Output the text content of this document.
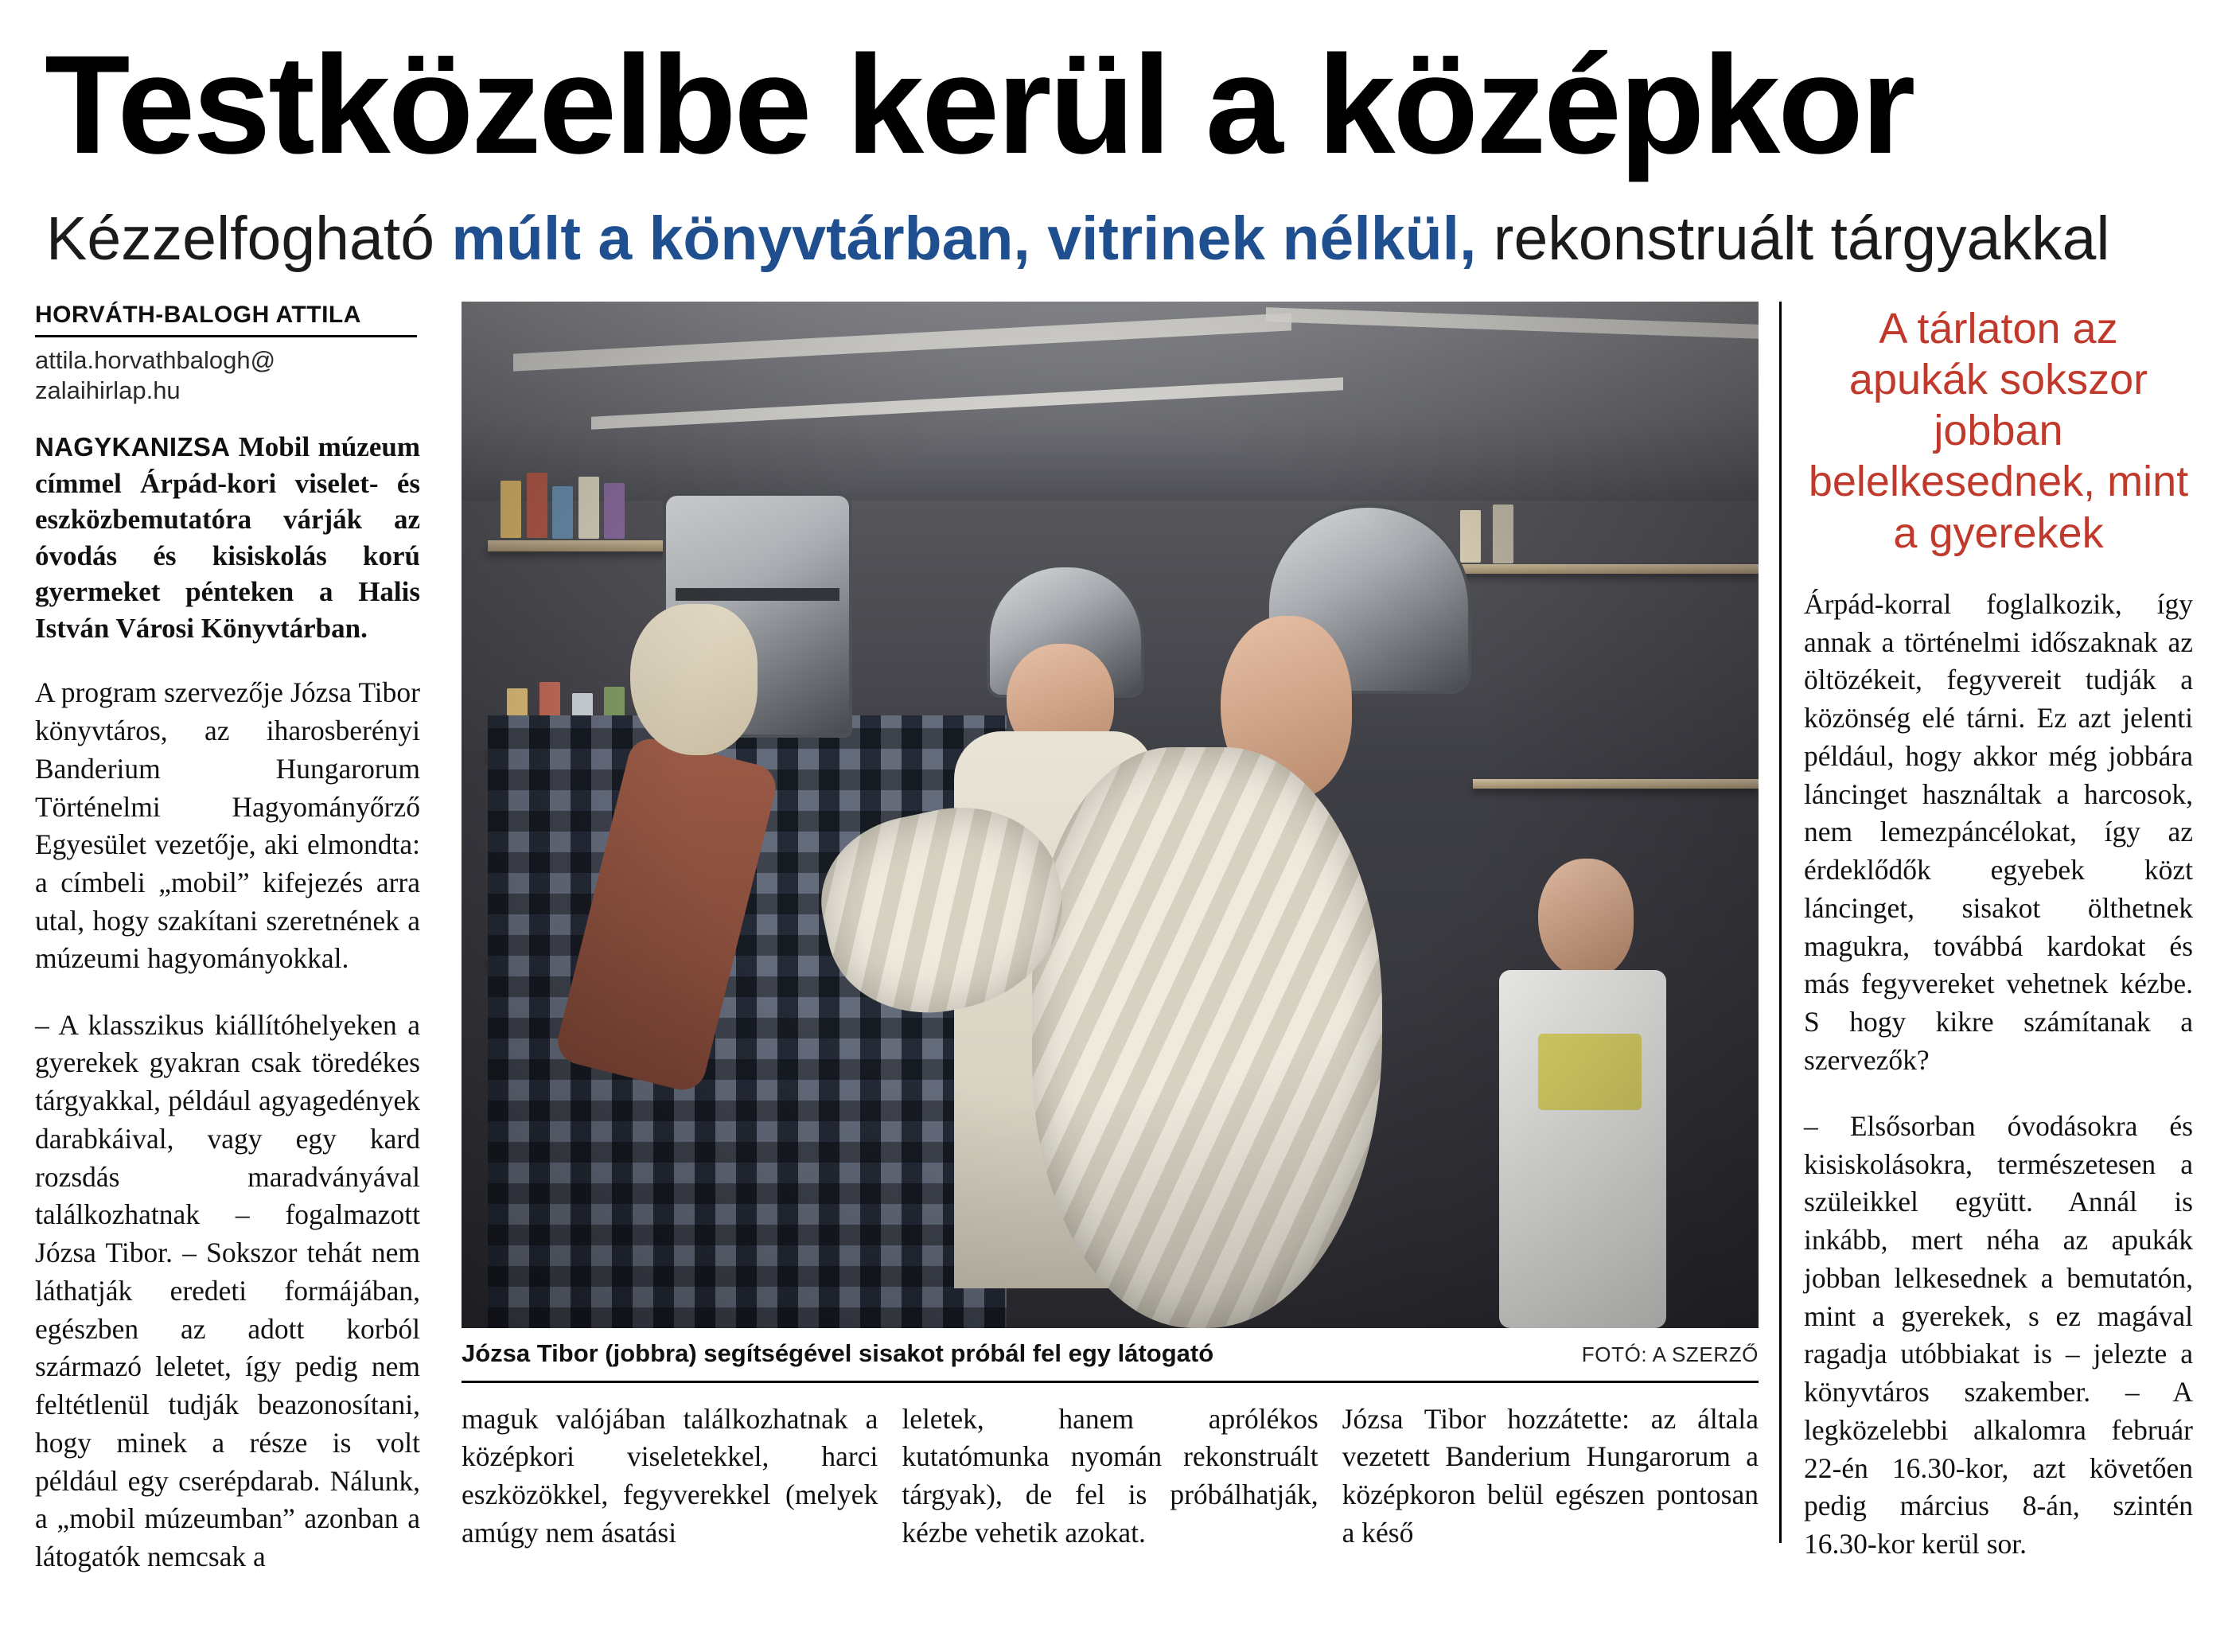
Testközelbe kerül a középkor
Kézzelfogható múlt a könyvtárban, vitrinek nélkül, rekonstruált tárgyakkal
HORVÁTH-BALOGH ATTILA
attila.horvathbalogh@
zalaihirlap.hu

NAGYKANIZSA Mobil múzeum címmel Árpád-kori viselet- és eszközbemutatóra várják az óvodás és kisiskolás korú gyermeket pénteken a Halis István Városi Könyvtárban.

A program szervezője Józsa Tibor könyvtáros, az iharosberényi Banderium Hungarorum Történelmi Hagyományőrző Egyesület vezetője, aki elmondta: a címbeli „mobil” kifejezés arra utal, hogy szakítani szeretnének a múzeumi hagyományokkal.

– A klasszikus kiállítóhelyeken a gyerekek gyakran csak töredékes tárgyakkal, például agyagedények darabkáival, vagy egy kard rozsdás maradványával találkozhatnak – fogalmazott Józsa Tibor. – Sokszor tehát nem láthatják eredeti formájában, egészben az adott korból származó leletet, így pedig nem feltétlenül tudják beazonosítani, hogy minek a része is volt például egy cserépdarab. Nálunk, a „mobil múzeumban” azonban a látogatók nemcsak a

Józsa Tibor (jobbra) segítségével sisakot próbál fel egy látogató	FOTÓ: A SZERZŐ

maguk valójában találkozhatnak a középkori viseletekkel, harci eszközökkel, fegyverekkel (melyek amúgy nem ásatási

leletek, hanem aprólékos kutatómunka nyomán rekonstruált tárgyak), de fel is próbálhatják, kézbe vehetik azokat.

Józsa Tibor hozzátette: az általa vezetett Banderium Hungarorum a középkoron belül egészen pontosan a késő

A tárlaton az apukák sokszor jobban belelkesednek, mint a gyerekek

Árpád-korral foglalkozik, így annak a történelmi időszaknak az öltözékeit, fegyvereit tudják a közönség elé tárni. Ez azt jelenti például, hogy akkor még jobbára láncinget használtak a harcosok, nem lemezpáncélokat, így az érdeklődők egyebek közt láncinget, sisakot ölthetnek magukra, továbbá kardokat és más fegyvereket vehetnek kézbe. S hogy kikre számítanak a szervezők?

– Elsősorban óvodásokra és kisiskolásokra, természetesen a szüleikkel együtt. Annál is inkább, mert néha az apukák jobban lelkesednek a bemutatón, mint a gyerekek, s ez magával ragadja utóbbiakat is – jelezte a könyvtáros szakember. – A legközelebbi alkalomra február 22-én 16.30-kor, azt követően pedig március 8-án, szintén 16.30-kor kerül sor.
